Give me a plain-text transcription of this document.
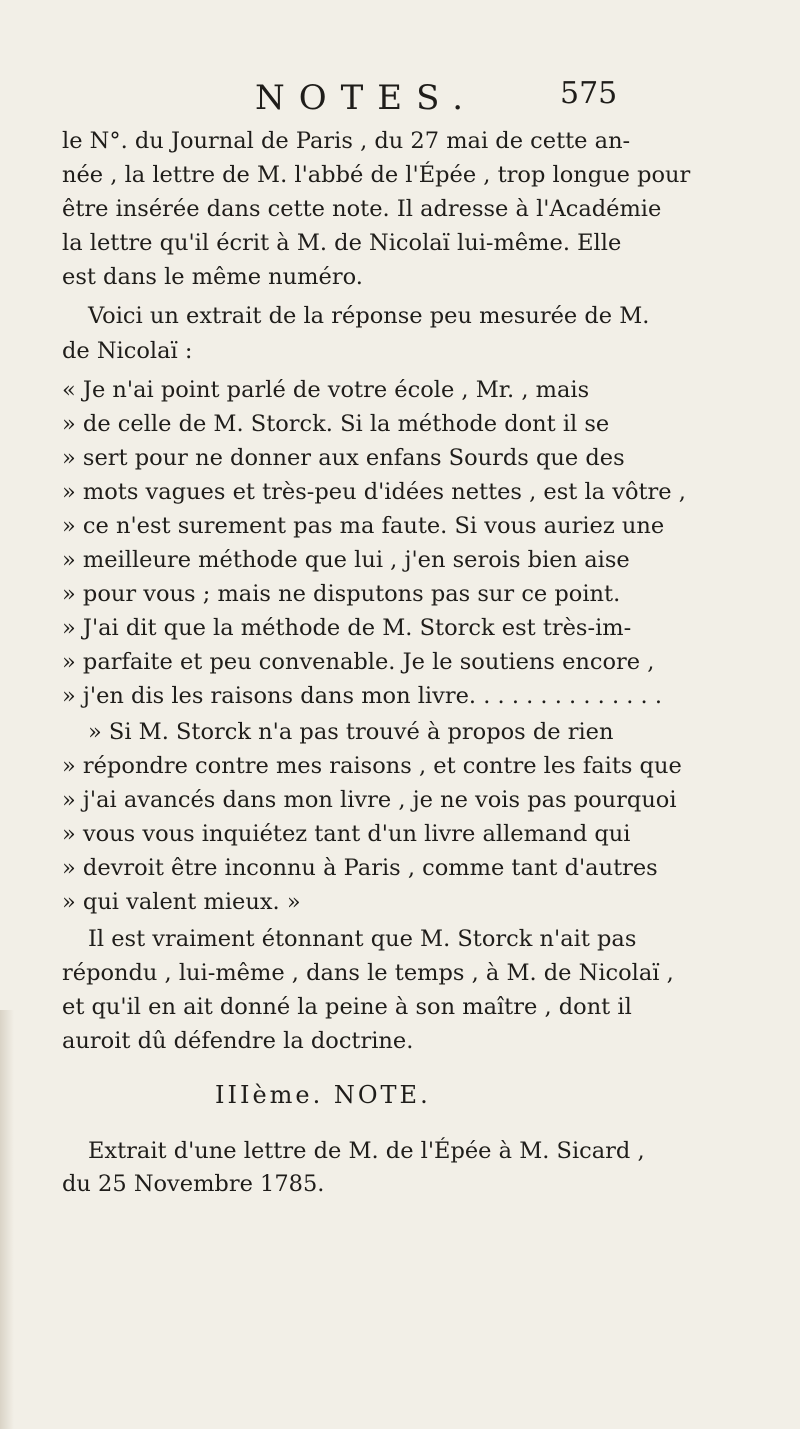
NOTES.	575
le N°. du Journal de Paris , du 27 mai de cette an-
née , la lettre de M. l'abbé de l'Épée , trop longue pour
être insérée dans cette note. Il adresse à l'Académie
la lettre qu'il écrit à M. de Nicolaï lui-même. Elle
est dans le même numéro.
Voici un extrait de la réponse peu mesurée de M.
de Nicolaï :
« Je n'ai point parlé de votre école , Mr. , mais
» de celle de M. Storck. Si la méthode dont il se
» sert pour ne donner aux enfans Sourds que des
» mots vagues et très-peu d'idées nettes , est la vôtre ,
» ce n'est surement pas ma faute. Si vous auriez une
» meilleure méthode que lui , j'en serois bien aise
» pour vous ; mais ne disputons pas sur ce point.
» J'ai dit que la méthode de M. Storck est très-im-
» parfaite et peu convenable. Je le soutiens encore ,
» j'en dis les raisons dans mon livre. . . . . . . . . . . . . .
» Si M. Storck n'a pas trouvé à propos de rien
» répondre contre mes raisons , et contre les faits que
» j'ai avancés dans mon livre , je ne vois pas pourquoi
» vous vous inquiétez tant d'un livre allemand qui
» devroit être inconnu à Paris , comme tant d'autres
» qui valent mieux. »
Il est vraiment étonnant que M. Storck n'ait pas
répondu , lui-même , dans le temps , à M. de Nicolaï ,
et qu'il en ait donné la peine à son maître , dont il
auroit dû défendre la doctrine.
IIIème. NOTE.
Extrait d'une lettre de M. de l'Épée à M. Sicard ,
du 25 Novembre 1785.
